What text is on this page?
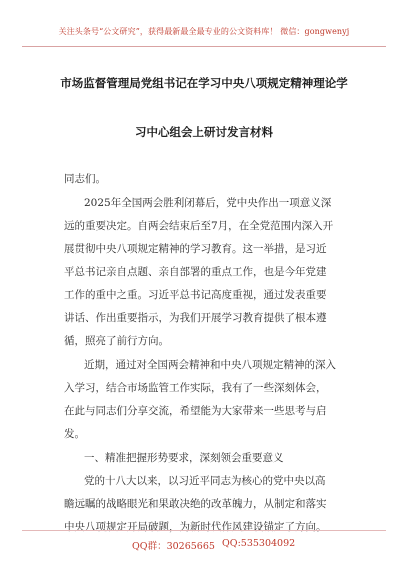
关注头条号“公文研究”，获得最新最全最专业的公文资料库！ 微信：gongwenyj
市场监督管理局党组书记在学习中央八项规定精神理论学
习中心组会上研讨发言材料
同志们。
2025年全国两会胜利闭幕后，党中央作出一项意义深
远的重要决定。自两会结束后至7月，在全党范围内深入开
展贯彻中央八项规定精神的学习教育。这一举措，是习近
平总书记亲自点题、亲自部署的重点工作，也是今年党建
工作的重中之重。习近平总书记高度重视，通过发表重要
讲话、作出重要指示，为我们开展学习教育提供了根本遵
循，照亮了前行方向。
近期，通过对全国两会精神和中央八项规定精神的深入
入学习，结合市场监管工作实际，我有了一些深刻体会，
在此与同志们分享交流，希望能为大家带来一些思考与启
发。
一、精准把握形势要求，深刻领会重要意义
党的十八大以来，以习近平同志为核心的党中央以高
瞻远瞩的战略眼光和果敢决绝的改革魄力，从制定和落实
中央八项规定开局破题，为新时代作风建设锚定了方向。
QQ群：30265665 QQ:535304092
